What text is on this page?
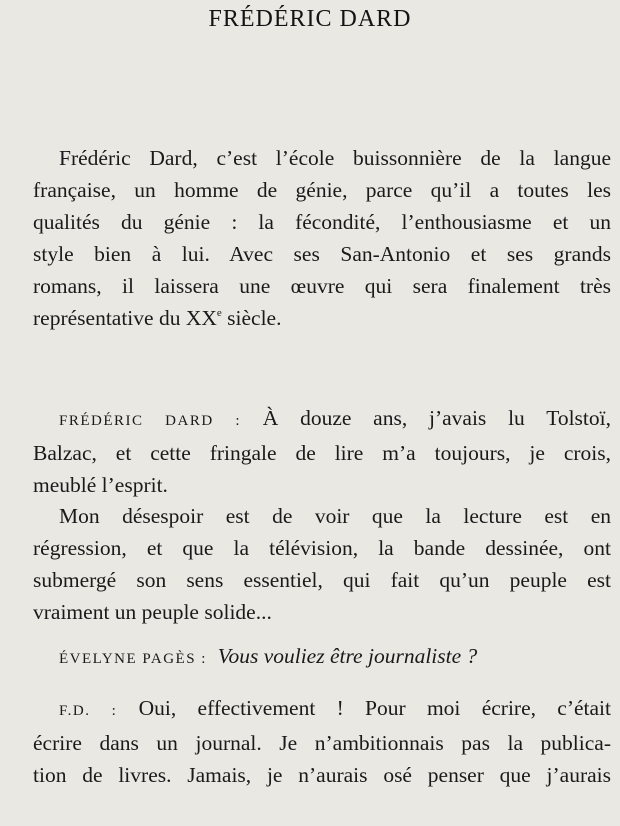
FRÉDÉRIC DARD
Frédéric Dard, c’est l’école buissonnière de la langue
française, un homme de génie, parce qu’il a toutes les
qualités du génie : la fécondité, l’enthousiasme et un
style bien à lui. Avec ses San-Antonio et ses grands
romans, il laissera une œuvre qui sera finalement très
représentative du XXe siècle.
FRÉDÉRIC DARD : À douze ans, j’avais lu Tolstoï,
Balzac, et cette fringale de lire m’a toujours, je crois,
meublé l’esprit.
Mon désespoir est de voir que la lecture est en
régression, et que la télévision, la bande dessinée, ont
submergé son sens essentiel, qui fait qu’un peuple est
vraiment un peuple solide...
ÉVELYNE PAGÈS : Vous vouliez être journaliste ?
F.D. : Oui, effectivement ! Pour moi écrire, c’était
écrire dans un journal. Je n’ambitionnais pas la publica-
tion de livres. Jamais, je n’aurais osé penser que j’aurais
